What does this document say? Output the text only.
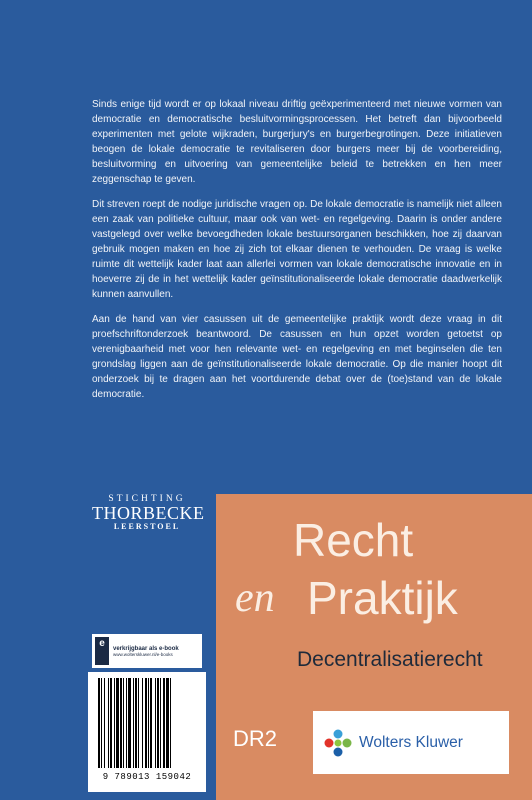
Sinds enige tijd wordt er op lokaal niveau driftig geëxperimenteerd met nieuwe vormen van democratie en democratische besluitvormingsprocessen. Het betreft dan bijvoorbeeld experimenten met gelote wijkraden, burgerjury's en burgerbegrotingen. Deze initiatieven beogen de lokale democratie te revitaliseren door burgers meer bij de voorbereiding, besluitvorming en uitvoering van gemeentelijke beleid te betrekken en hen meer zeggenschap te geven.

Dit streven roept de nodige juridische vragen op. De lokale democratie is namelijk niet alleen een zaak van politieke cultuur, maar ook van wet- en regelgeving. Daarin is onder andere vastgelegd over welke bevoegdheden lokale bestuursorganen beschikken, hoe zij daarvan gebruik mogen maken en hoe zij zich tot elkaar dienen te verhouden. De vraag is welke ruimte dit wettelijk kader laat aan allerlei vormen van lokale democratische innovatie en in hoeverre zij de in het wettelijk kader geïnstitutionaliseerde lokale democratie daadwerkelijk kunnen aanvullen.

Aan de hand van vier casussen uit de gemeentelijke praktijk wordt deze vraag in dit proefschriftonderzoek beantwoord. De casussen en hun opzet worden getoetst op verenigbaarheid met voor hen relevante wet- en regelgeving en met beginselen die ten grondslag liggen aan de geïnstitutionaliseerde lokale democratie. Op die manier hoopt dit onderzoek bij te dragen aan het voortdurende debat over de (toe)stand van de lokale democratie.

STICHTING
THORBECKE
LEERSTOEL
e	verkrijgbaar als e-book
www.wolterskluwer.nl/e-books
9 789013 159042
Recht
en Praktijk
Decentralisatierecht
DR2	Wolters Kluwer
